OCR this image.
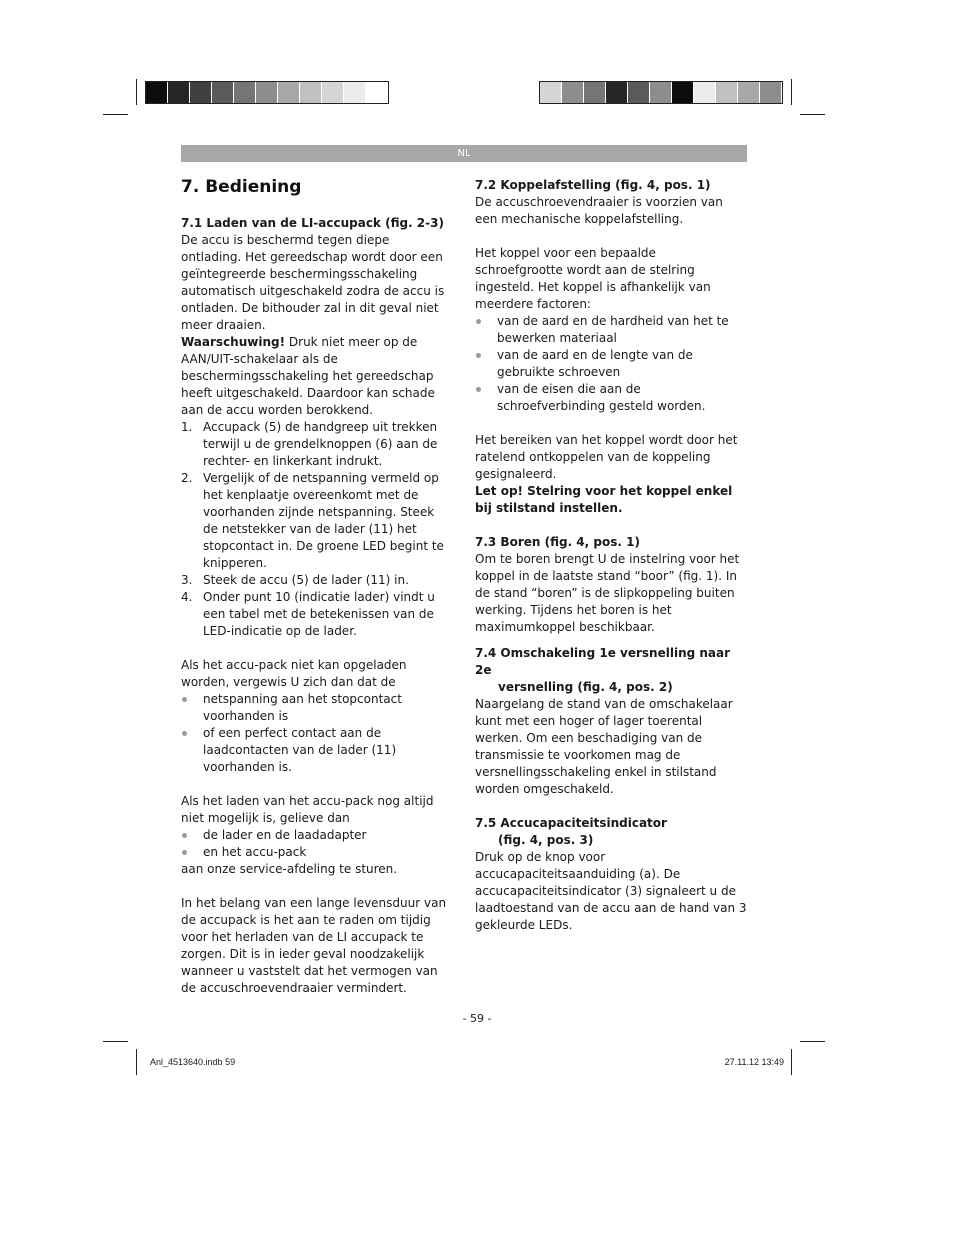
NL
7. Bediening
7.1 Laden van de LI-accupack (fig. 2-3)

De accu is beschermd tegen diepe ontlading. Het gereedschap wordt door een geïntegreerde beschermingsschakeling automatisch uitgeschakeld zodra de accu is ontladen. De bithouder zal in dit geval niet meer draaien.

Waarschuwing! Druk niet meer op de AAN/UIT-schakelaar als de beschermingsschakeling het gereedschap heeft uitgeschakeld. Daardoor kan schade aan de accu worden berokkend.

1. Accupack (5) de handgreep uit trekken terwijl u de grendelknoppen (6) aan de rechter- en linkerkant indrukt.
2. Vergelijk of de netspanning vermeld op het kenplaatje overeenkomt met de voorhanden zijnde netspanning. Steek de netstekker van de lader (11) het stopcontact in. De groene LED begint te knipperen.
3. Steek de accu (5) de lader (11) in.
4. Onder punt 10 (indicatie lader) vindt u een tabel met de betekenissen van de LED-indicatie op de lader.

Als het accu-pack niet kan opgeladen worden, vergewis U zich dan dat de

netspanning aan het stopcontact voorhanden is
of een perfect contact aan de laadcontacten van de lader (11) voorhanden is.

Als het laden van het accu-pack nog altijd niet mogelijk is, gelieve dan

de lader en de laadadapter
en het accu-pack

aan onze service-afdeling te sturen.

In het belang van een lange levensduur van de accupack is het aan te raden om tijdig voor het herladen van de LI accupack te zorgen. Dit is in ieder geval noodzakelijk wanneer u vaststelt dat het vermogen van de accuschroevendraaier vermindert.

7.2 Koppelafstelling (fig. 4, pos. 1)

De accuschroevendraaier is voorzien van een mechanische koppelafstelling.

Het koppel voor een bepaalde schroefgrootte wordt aan de stelring ingesteld. Het koppel is afhankelijk van meerdere factoren:

van de aard en de hardheid van het te bewerken materiaal
van de aard en de lengte van de gebruikte schroeven
van de eisen die aan de schroefverbinding gesteld worden.

Het bereiken van het koppel wordt door het ratelend ontkoppelen van de koppeling gesignaleerd.

Let op! Stelring voor het koppel enkel bij stilstand instellen.

7.3 Boren (fig. 4, pos. 1)

Om te boren brengt U de instelring voor het koppel in de laatste stand “boor” (fig. 1). In de stand “boren” is de slipkoppeling buiten werking. Tijdens het boren is het maximumkoppel beschikbaar.

7.4 Omschakeling 1e versnelling naar 2e
versnelling (fig. 4, pos. 2)

Naargelang de stand van de omschakelaar kunt met een hoger of lager toerental werken. Om een beschadiging van de transmissie te voorkomen mag de versnellingsschakeling enkel in stilstand worden omgeschakeld.

7.5 Accucapaciteitsindicator
(fig. 4, pos. 3)

Druk op de knop voor accucapaciteitsaanduiding (a). De accucapaciteitsindicator (3) signaleert u de laadtoestand van de accu aan de hand van 3 gekleurde LEDs.

- 59 -
Anl_4513640.indb 59	27.11.12 13:49
